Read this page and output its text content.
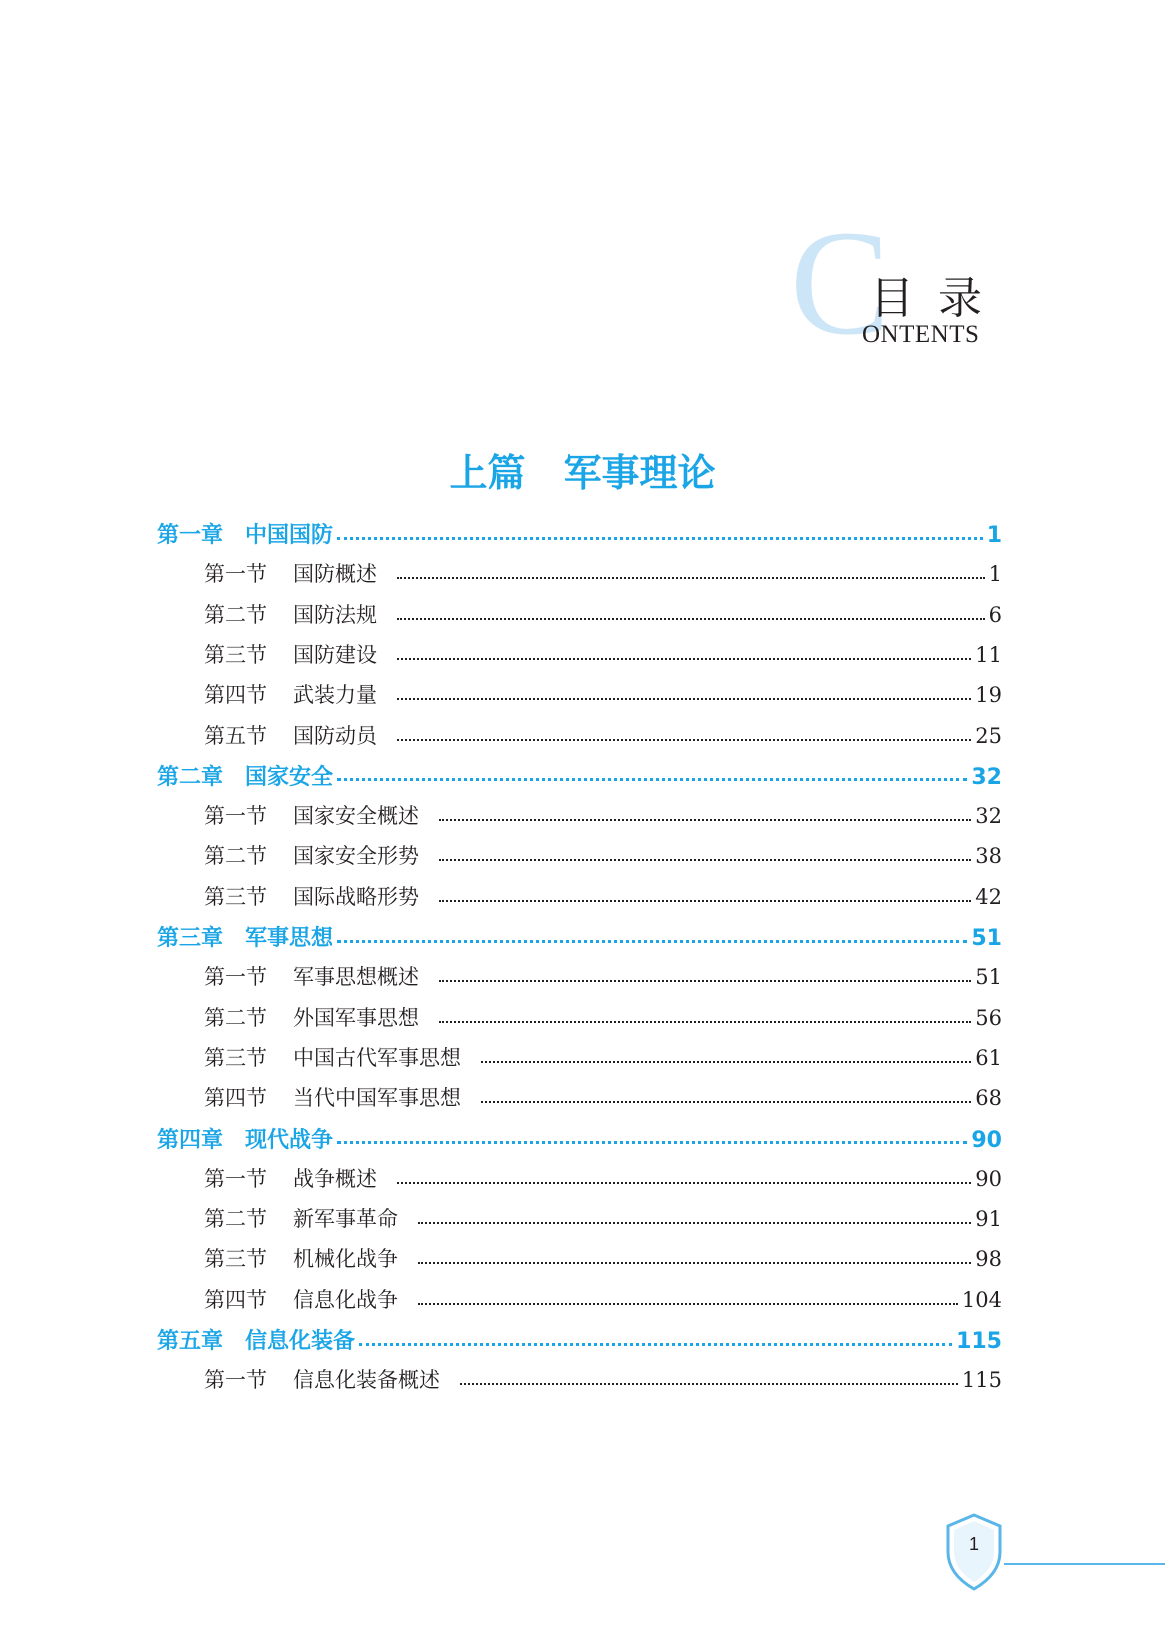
C
目录
ONTENTS
上篇　军事理论
第一章 中国国防	1
第一节	国防概述	1
第二节	国防法规	6
第三节	国防建设	11
第四节	武装力量	19
第五节	国防动员	25
第二章 国家安全	32
第一节	国家安全概述	32
第二节	国家安全形势	38
第三节	国际战略形势	42
第三章 军事思想	51
第一节	军事思想概述	51
第二节	外国军事思想	56
第三节	中国古代军事思想	61
第四节	当代中国军事思想	68
第四章 现代战争	90
第一节	战争概述	90
第二节	新军事革命	91
第三节	机械化战争	98
第四节	信息化战争	104
第五章 信息化装备	115
第一节	信息化装备概述	115
1
